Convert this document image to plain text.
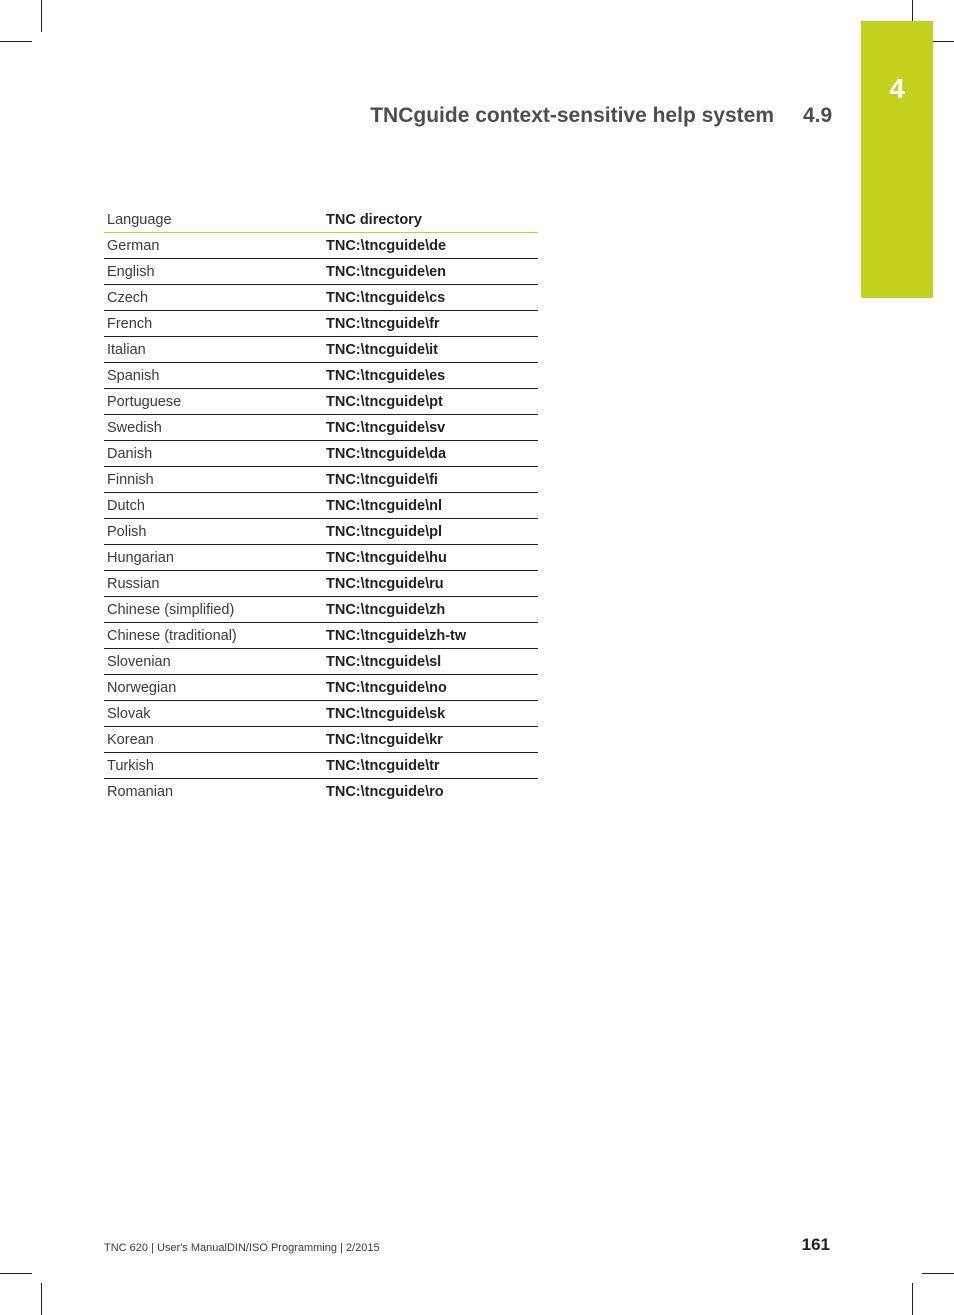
4
TNCguide context-sensitive help system 4.9
Language	TNC directory
German	TNC:\tncguide\de
English	TNC:\tncguide\en
Czech	TNC:\tncguide\cs
French	TNC:\tncguide\fr
Italian	TNC:\tncguide\it
Spanish	TNC:\tncguide\es
Portuguese	TNC:\tncguide\pt
Swedish	TNC:\tncguide\sv
Danish	TNC:\tncguide\da
Finnish	TNC:\tncguide\fi
Dutch	TNC:\tncguide\nl
Polish	TNC:\tncguide\pl
Hungarian	TNC:\tncguide\hu
Russian	TNC:\tncguide\ru
Chinese (simplified)	TNC:\tncguide\zh
Chinese (traditional)	TNC:\tncguide\zh-tw
Slovenian	TNC:\tncguide\sl
Norwegian	TNC:\tncguide\no
Slovak	TNC:\tncguide\sk
Korean	TNC:\tncguide\kr
Turkish	TNC:\tncguide\tr
Romanian	TNC:\tncguide\ro
TNC 620 | User's ManualDIN/ISO Programming | 2/2015	161
